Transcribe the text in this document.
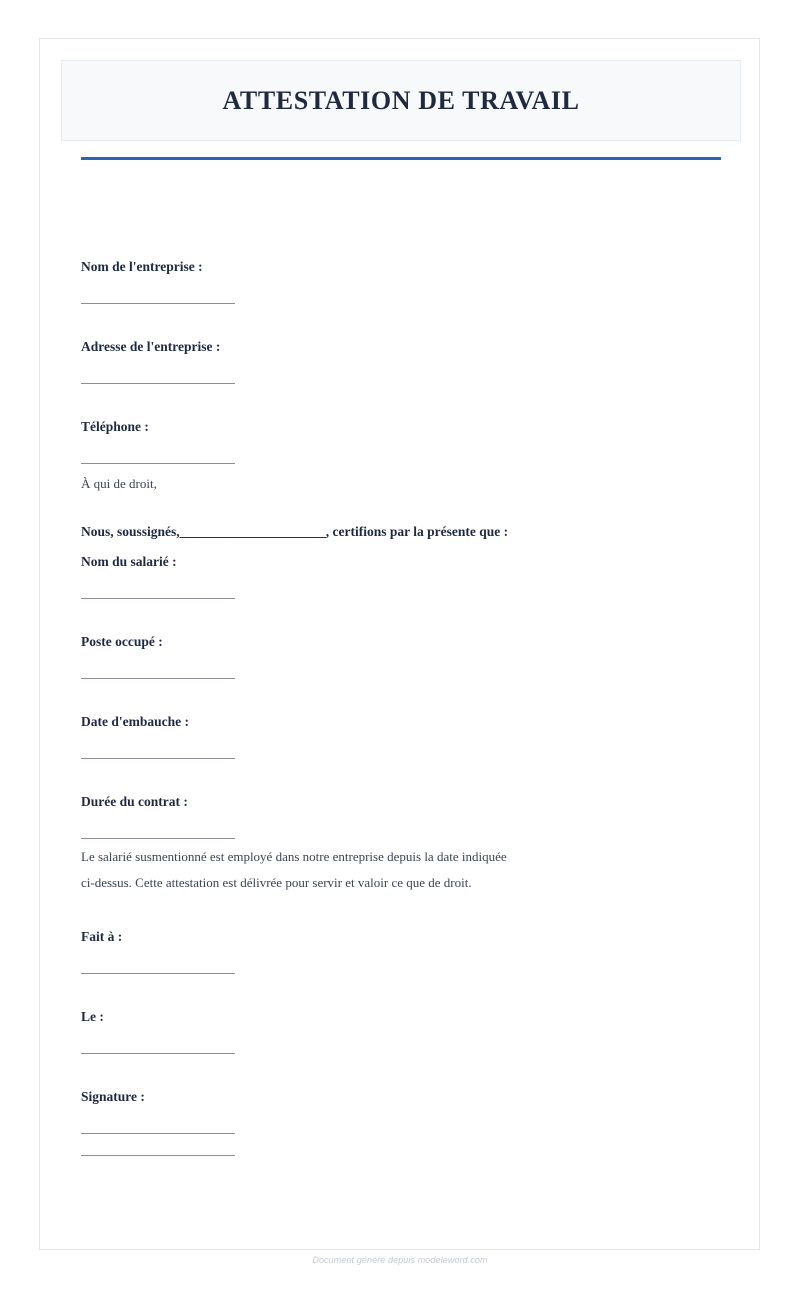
ATTESTATION DE TRAVAIL
Nom de l'entreprise :
Adresse de l'entreprise :
Téléphone :
À qui de droit,
Nous, soussignés,_______________________, certifions par la présente que :
Nom du salarié :
Poste occupé :
Date d'embauche :
Durée du contrat :
Le salarié susmentionné est employé dans notre entreprise depuis la date indiquée
ci-dessus. Cette attestation est délivrée pour servir et valoir ce que de droit.
Fait à :
Le :
Signature :
Document généré depuis modeleword.com
